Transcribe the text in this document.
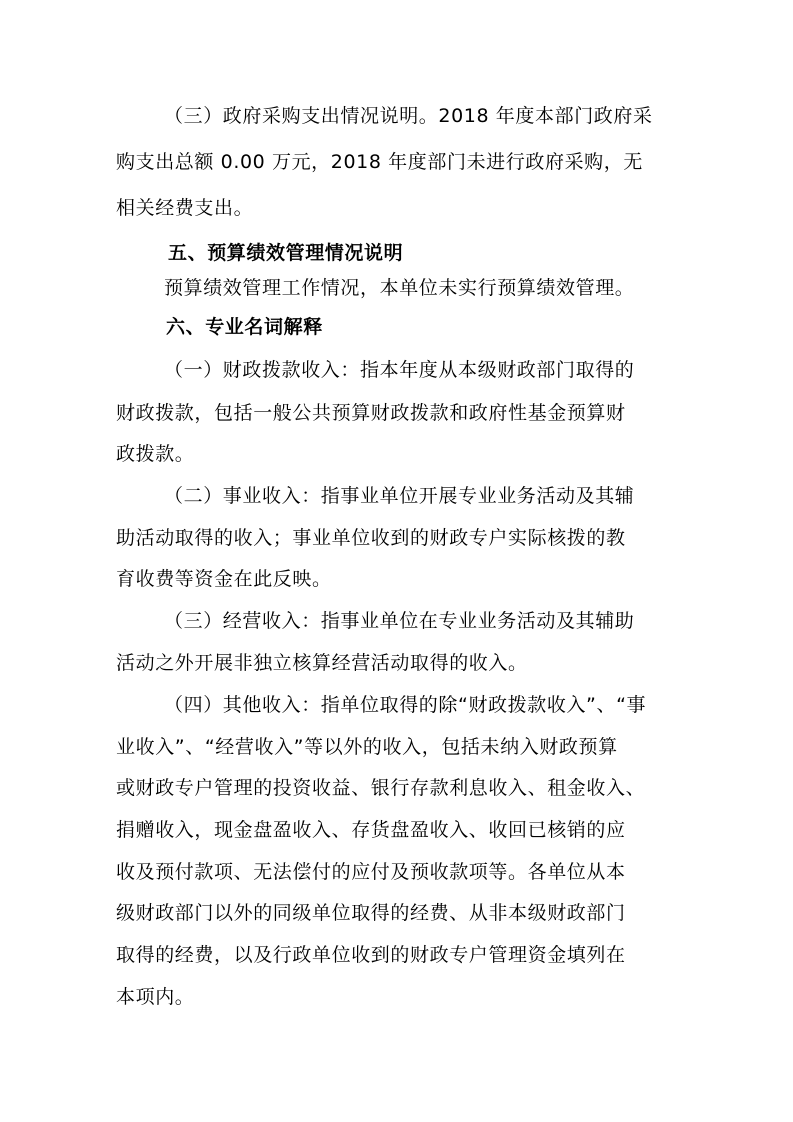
（三）政府采购支出情况说明。2018 年度本部门政府采
购支出总额 0.00 万元，2018 年度部门未进行政府采购，无
相关经费支出。
五、预算绩效管理情况说明
预算绩效管理工作情况，本单位未实行预算绩效管理。
六、专业名词解释
（一）财政拨款收入：指本年度从本级财政部门取得的
财政拨款，包括一般公共预算财政拨款和政府性基金预算财
政拨款。
（二）事业收入：指事业单位开展专业业务活动及其辅
助活动取得的收入；事业单位收到的财政专户实际核拨的教
育收费等资金在此反映。
（三）经营收入：指事业单位在专业业务活动及其辅助
活动之外开展非独立核算经营活动取得的收入。
（四）其他收入：指单位取得的除“财政拨款收入”、“事
业收入”、“经营收入”等以外的收入，包括未纳入财政预算
或财政专户管理的投资收益、银行存款利息收入、租金收入、
捐赠收入，现金盘盈收入、存货盘盈收入、收回已核销的应
收及预付款项、无法偿付的应付及预收款项等。各单位从本
级财政部门以外的同级单位取得的经费、从非本级财政部门
取得的经费，以及行政单位收到的财政专户管理资金填列在
本项内。
